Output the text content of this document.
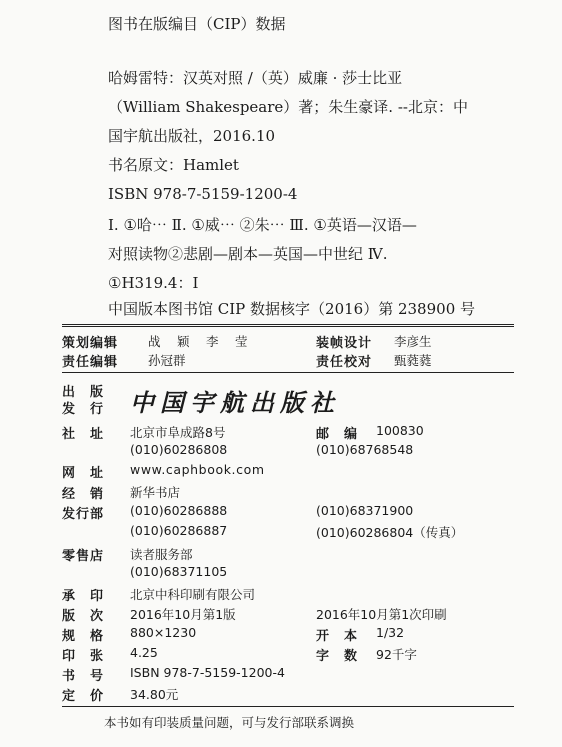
图书在版编目（CIP）数据
哈姆雷特：汉英对照 /（英）威廉 · 莎士比亚
（William Shakespeare）著；朱生豪译. --北京：中
国宇航出版社，2016.10
书名原文：Hamlet
ISBN 978-7-5159-1200-4
Ⅰ. ①哈⋯ Ⅱ. ①威⋯ ②朱⋯ Ⅲ. ①英语—汉语—
对照读物②悲剧—剧本—英国—中世纪 Ⅳ.
①H319.4：Ⅰ
中国版本图书馆 CIP 数据核字（2016）第 238900 号
策划编辑 战　颖　李　莹	装帧设计 李彦生
责任编辑 孙冠群	责任校对 甄蕤蕤
出　版
发　行 中国宇航出版社
社　址 北京市阜成路8号	邮　编 100830
(010)60286808	(010)68768548
网　址 www.caphbook.com
经　销 新华书店
发行部 (010)60286888	(010)68371900
(010)60286887	(010)60286804（传真）
零售店 读者服务部
(010)68371105
承　印 北京中科印刷有限公司
版　次 2016年10月第1版	2016年10月第1次印刷
规　格 880×1230	开　本 1/32
印　张 4.25	字　数 92千字
书　号 ISBN 978-7-5159-1200-4
定　价 34.80元
本书如有印装质量问题，可与发行部联系调换
